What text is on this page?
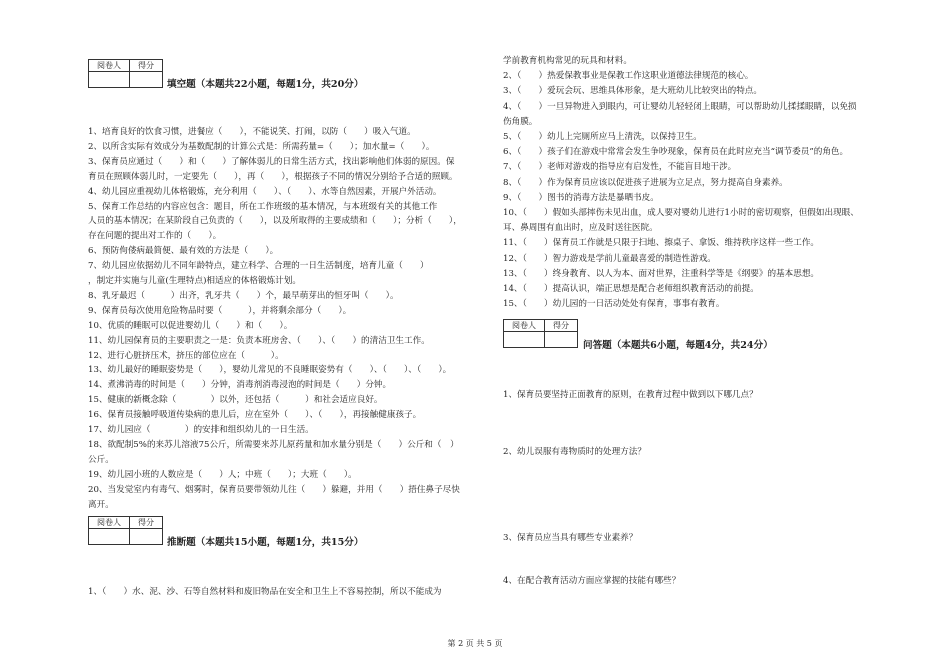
阅卷人	得分

填空题（本题共22小题，每题1分，共20分）
1、培育良好的饮食习惯，进餐应（　　），不能说笑、打闹，以防（　　）吸入气道。
2、以所含实际有效成分为基数配制的计算公式是：所需药量=（　　）；加水量=（　　）。
3、保育员应通过（　　）和（　　）了解体弱儿的日常生活方式，找出影响他们体弱的原因。保
育员在照顾体弱儿时，一定要先（　　），再（　　），根据孩子不同的情况分别给予合适的照顾。
4、幼儿园应重视幼儿体格锻炼，充分利用（　　）、（　　）、水等自然因素，开展户外活动。
5、保育工作总结的内容应包含：题目，所在工作班级的基本情况，与本班级有关的其他工作
人员的基本情况；在某阶段自己负责的（　　），以及所取得的主要成绩和（　　）；分析（　　），
存在问题的提出对工作的（　　）。
6、预防佝偻病最简便、最有效的方法是（　　）。
7、幼儿园应依据幼儿不同年龄特点，建立科学、合理的一日生活制度，培育儿童（　　）
，制定并实施与儿童(生理特点)相适应的体格锻炼计划。
8、乳牙最迟（　　　）出齐，乳牙共（　　）个，最早萌芽出的恒牙叫（　　）。
9、保育员每次使用危险物品时要（　　　），并将剩余部分（　　）。
10、优质的睡眠可以促进婴幼儿（　　）和（　　）。
11、幼儿园保育员的主要职责之一是：负责本班房舍、（　　）、（　　）的清洁卫生工作。
12、进行心脏挤压术，挤压的部位应在（　　　）。
13、幼儿最好的睡眠姿势是（　　），婴幼儿常见的不良睡眠姿势有（　　）、（　　）、（　　）。
14、煮沸消毒的时间是（　　）分钟，消毒剂消毒浸泡的时间是（　　）分钟。
15、健康的新概念除（　　　　）以外，还包括（　　　）和社会适应良好。
16、保育员接触呼吸道传染病的患儿后，应在室外（　　）、（　　），再接触健康孩子。
17、幼儿园应（　　　　）的安排和组织幼儿的一日生活。
18、欲配制5%的来苏儿溶液75公斤，所需要来苏儿原药量和加水量分别是（　　）公斤和（　）
公斤。
19、幼儿园小班的人数应是（　　）人；中班（　　）；大班（　　）。
20、当发觉室内有毒气、烟雾时，保育员要带领幼儿往（　　）躲避，并用（　　）捂住鼻子尽快
离开。
阅卷人	得分

推断题（本题共15小题，每题1分，共15分）
1、（　　）水、泥、沙、石等自然材料和废旧物品在安全和卫生上不容易控制，所以不能成为
学前教育机构常见的玩具和材料。
2、（　　）热爱保教事业是保教工作这职业道德法律规范的核心。
3、（　　）爱玩会玩、思维具体形象，是大班幼儿比较突出的特点。
4、（　　）一旦异物进入到眼内，可让婴幼儿轻轻闭上眼睛，可以帮助幼儿揉揉眼睛，以免损
伤角膜。
5、（　　）幼儿上完厕所应马上清洗，以保持卫生。
6、（　　）孩子们在游戏中常常会发生争吵现象，保育员在此时应充当“调节委员”的角色。
7、（　　）老师对游戏的指导应有启发性，不能盲目地干涉。
8、（　　）作为保育员应该以促进孩子进展为立足点，努力提高自身素养。
9、（　　）图书的消毒方法是暴晒书皮。
10、（　　）假如头部摔伤未见出血，成人要对婴幼儿进行1小时的密切观察，但假如出现眼、
耳、鼻周围有血出时，应及时送往医院。
11、（　　）保育员工作就是只限于扫地、擦桌子、拿饭、维持秩序这样一些工作。
12、（　　）智力游戏是学前儿童最喜爱的制造性游戏。
13、（　　）终身教育、以人为本、面对世界，注重科学等是《纲要》的基本思想。
14、（　　）提高认识，端正思想是配合老师组织教育活动的前提。
15、（　　）幼儿园的一日活动处处有保育，事事有教育。
阅卷人	得分

问答题（本题共6小题，每题4分，共24分）
1、保育员要坚持正面教育的原则，在教育过程中做到以下哪几点？
2、幼儿误服有毒物质时的处理方法？
3、保育员应当具有哪些专业素养？
4、在配合教育活动方面应掌握的技能有哪些？
第 2 页 共 5 页
